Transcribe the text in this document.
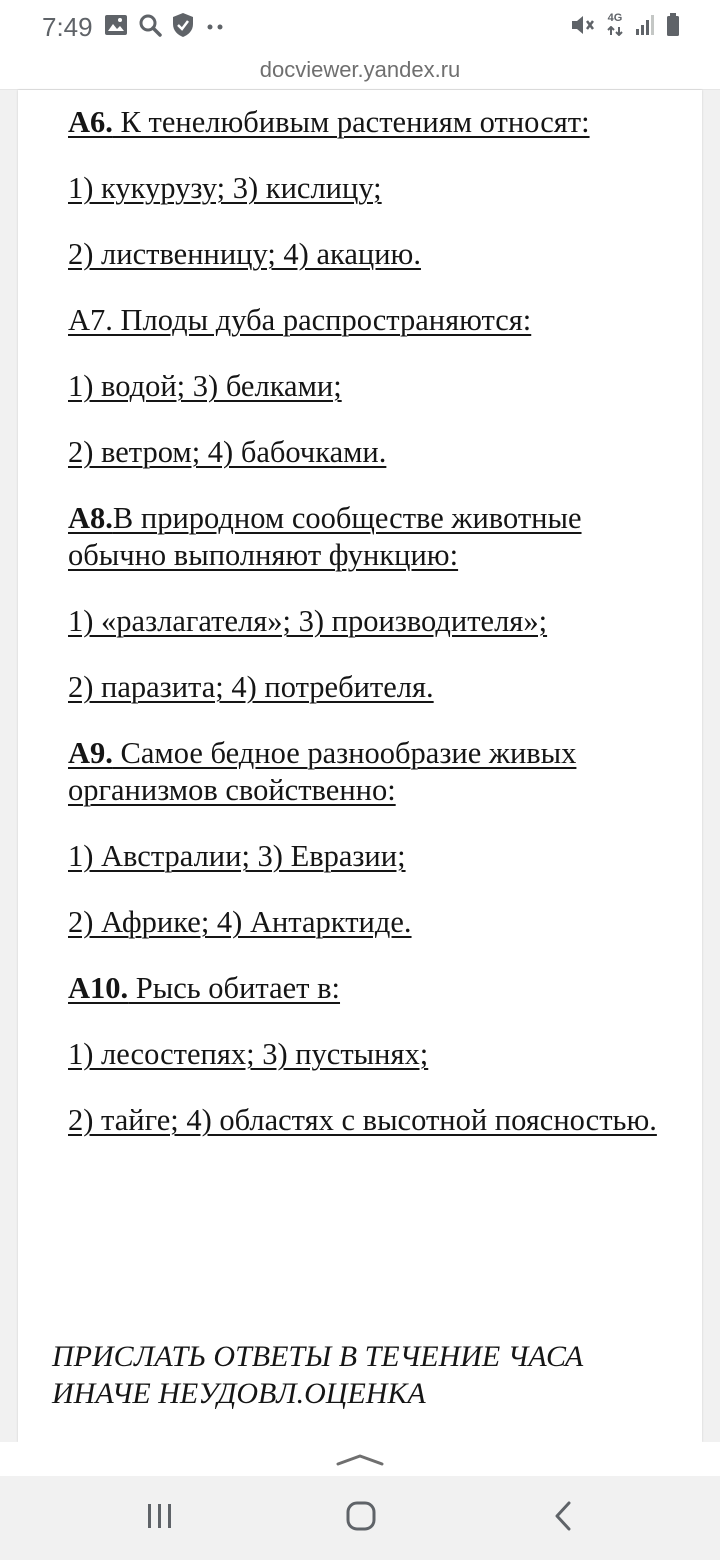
7:49	4G
docviewer.yandex.ru

А6. К тенелюбивым растениям относят:

1) кукурузу; 3) кислицу;

2) лиственницу; 4) акацию.

А7. Плоды дуба распространяются:

1) водой; 3) белками;

2) ветром; 4) бабочками.

А8.В природном сообществе животные обычно выполняют функцию:

1) «разлагателя»; 3) производителя»;

2) паразита; 4) потребителя.

А9. Самое бедное разнообразие живых организмов свойственно:

1) Австралии; 3) Евразии;

2) Африке; 4) Антарктиде.

А10. Рысь обитает в:

1) лесостепях; 3) пустынях;

2) тайге; 4) областях с высотной поясностью.

ПРИСЛАТЬ ОТВЕТЫ В ТЕЧЕНИЕ ЧАСА
ИНАЧЕ НЕУДОВЛ.ОЦЕНКА
